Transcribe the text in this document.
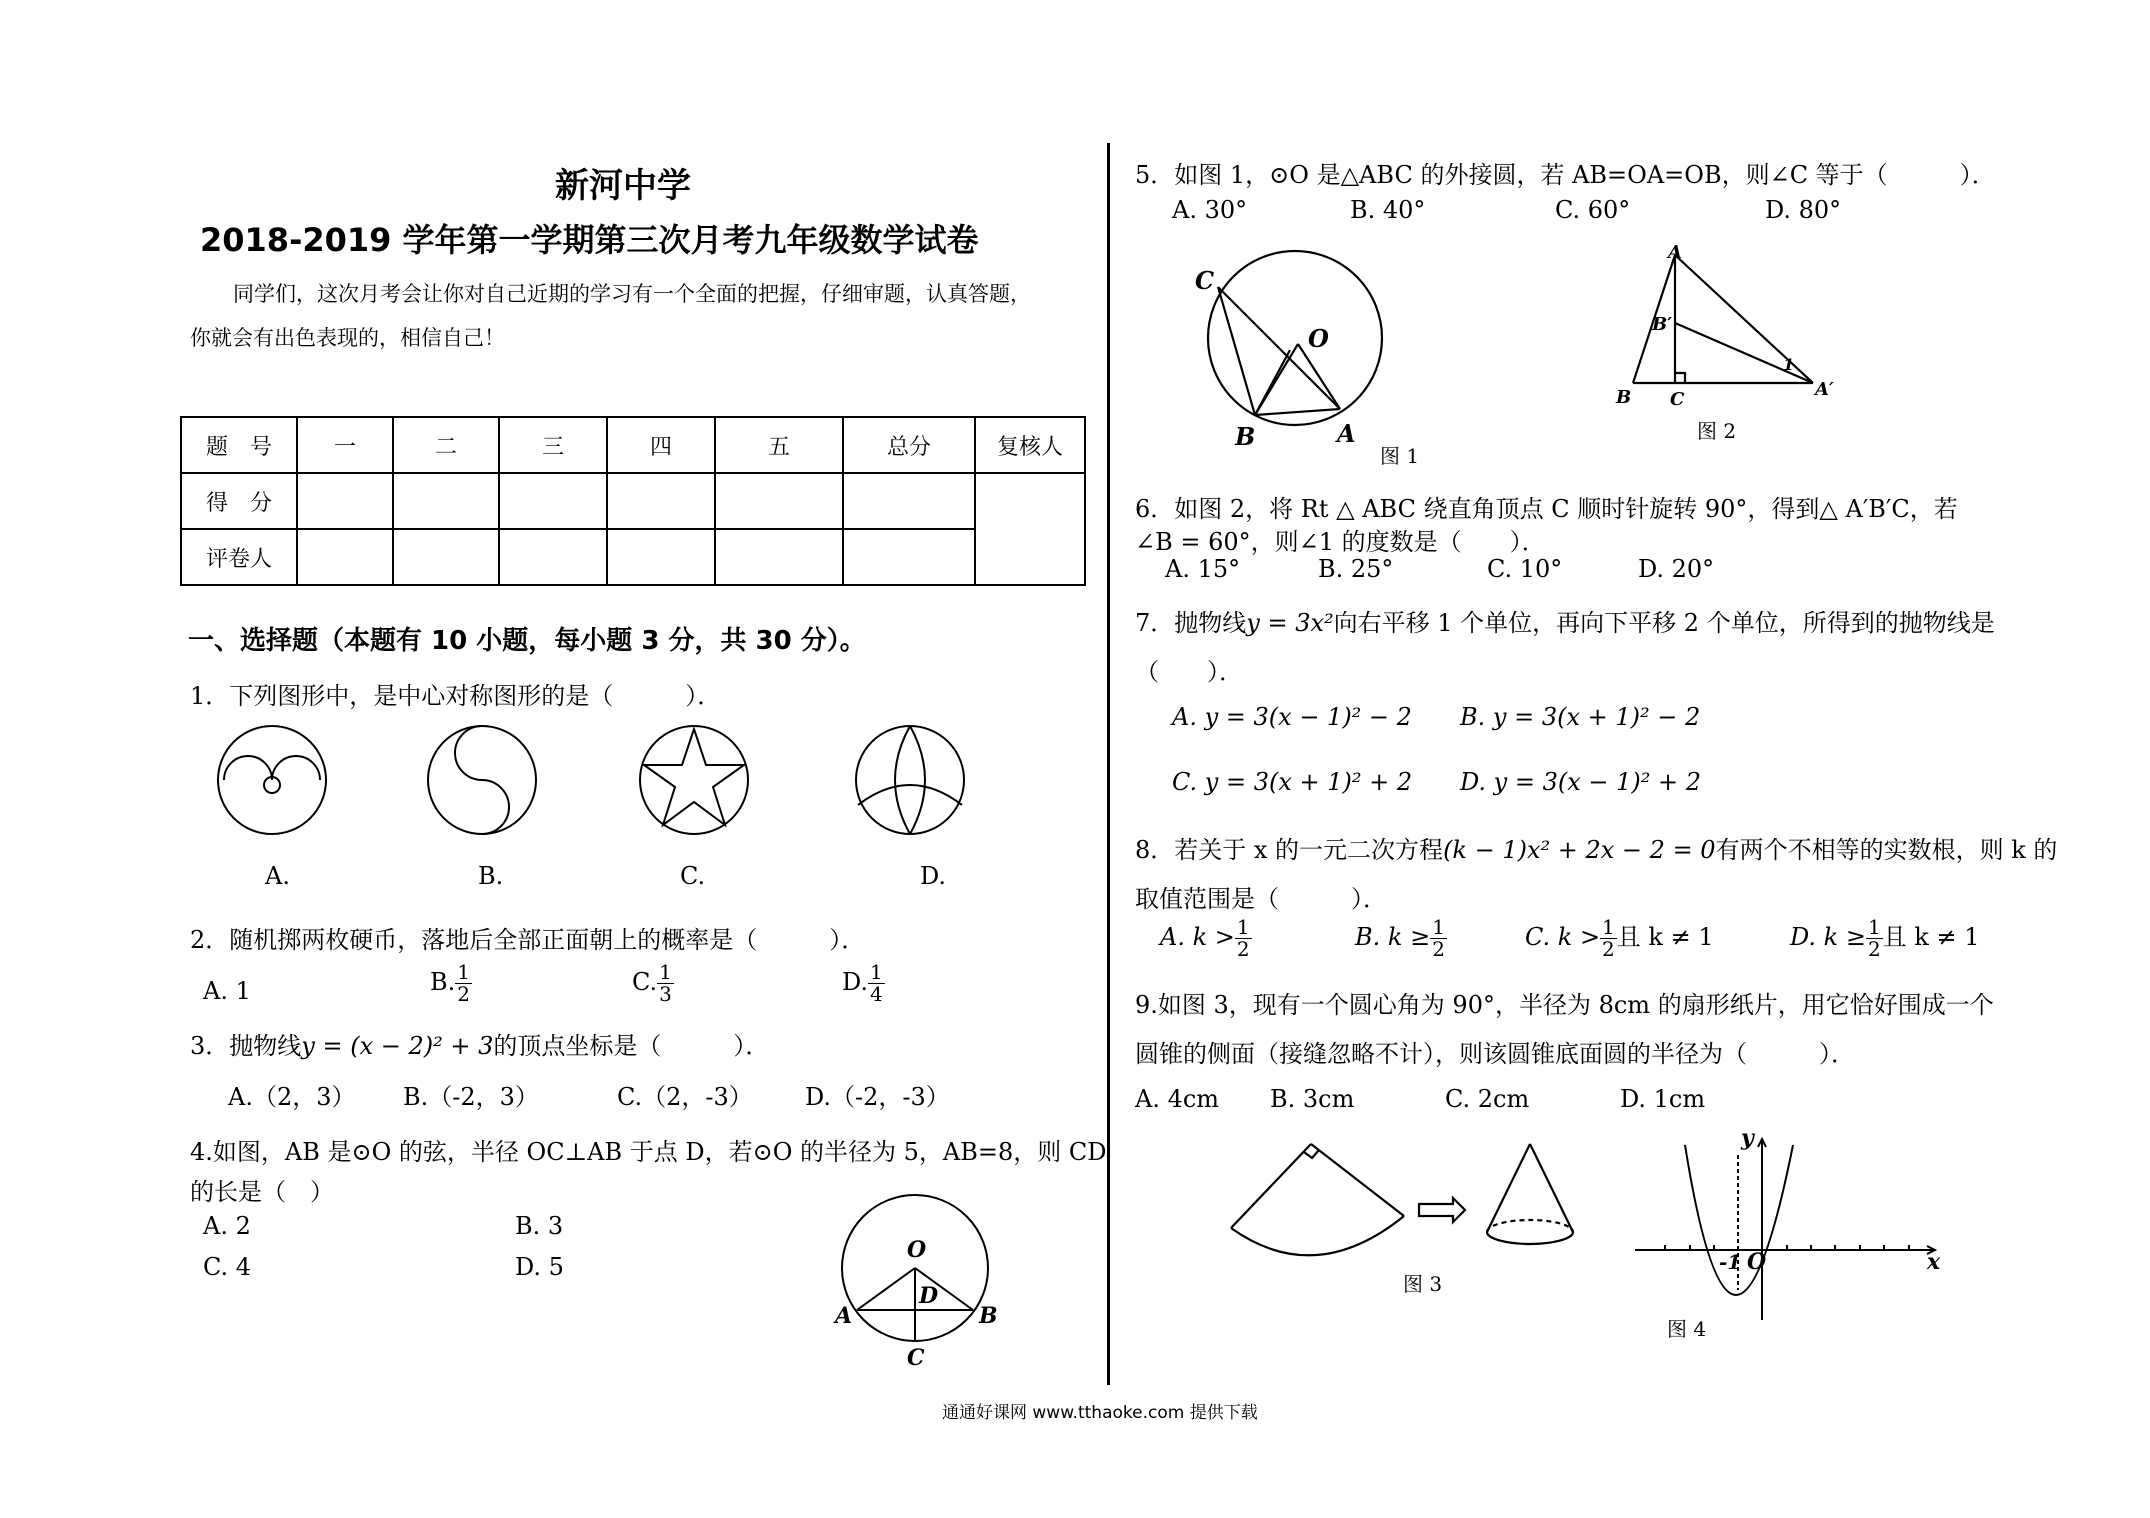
新河中学
2018-2019 学年第一学期第三次月考九年级数学试卷
同学们，这次月考会让你对自己近期的学习有一个全面的把握，仔细审题，认真答题，
你就会有出色表现的，相信自己！
题　号	一	二	三	四	五	总分	复核人
得　分							
评卷人							
一、选择题（本题有 10 小题，每小题 3 分，共 30 分）。
1．下列图形中，是中心对称图形的是（　　　）．
A.	B.	C.	D.
2．随机掷两枚硬币，落地后全部正面朝上的概率是（　　　）．
A. 1	B. $\frac{1}{2}$	C. $\frac{1}{3}$	D. $\frac{1}{4}$
3．抛物线y = (x − 2)² + 3的顶点坐标是（　　　）．
A.（2，3） B.（-2，3）	C.（2，-3） D.（-2，-3）
4.如图，AB 是⊙O 的弦，半径 OC⊥AB 于点 D，若⊙O 的半径为 5，AB=8，则 CD
的长是（　）
A. 2	B. 3
C. 4	D. 5
O
D
A	B
C
5．如图 1，⊙O 是△ABC 的外接圆，若 AB=OA=OB，则∠C 等于（　　　）．
A. 30°	B. 40°	C. 60°	D. 80°
C
O
B	A
图 1
A
B′
B C	A′
1
图 2
6．如图 2，将 Rt △ ABC 绕直角顶点 C 顺时针旋转 90°，得到△ A′B′C，若
∠B = 60°，则∠1 的度数是（　　）．
A. 15°	B. 25°	C. 10°	D. 20°
7．抛物线y = 3x²向右平移 1 个单位，再向下平移 2 个单位，所得到的抛物线是
（　　）．
A. y = 3(x − 1)² − 2 B. y = 3(x + 1)² − 2
C. y = 3(x + 1)² + 2 D. y = 3(x − 1)² + 2
8．若关于 x 的一元二次方程(k − 1)x² + 2x − 2 = 0有两个不相等的实数根，则 k 的
取值范围是（　　　）．
A. $k > \frac{1}{2}$	B. $k \ge \frac{1}{2}$	C. $k > \frac{1}{2}$ 且 k ≠ 1	D. $k \ge \frac{1}{2}$ 且 k ≠ 1
9.如图 3，现有一个圆心角为 90°，半径为 8cm 的扇形纸片，用它恰好围成一个
圆锥的侧面（接缝忽略不计），则该圆锥底面圆的半径为（　　　）．
A. 4cm B. 3cm	C. 2cm	D. 1cm
图 3
y
x
-1 O
图 4
通通好课网 www.tthaoke.com 提供下载
